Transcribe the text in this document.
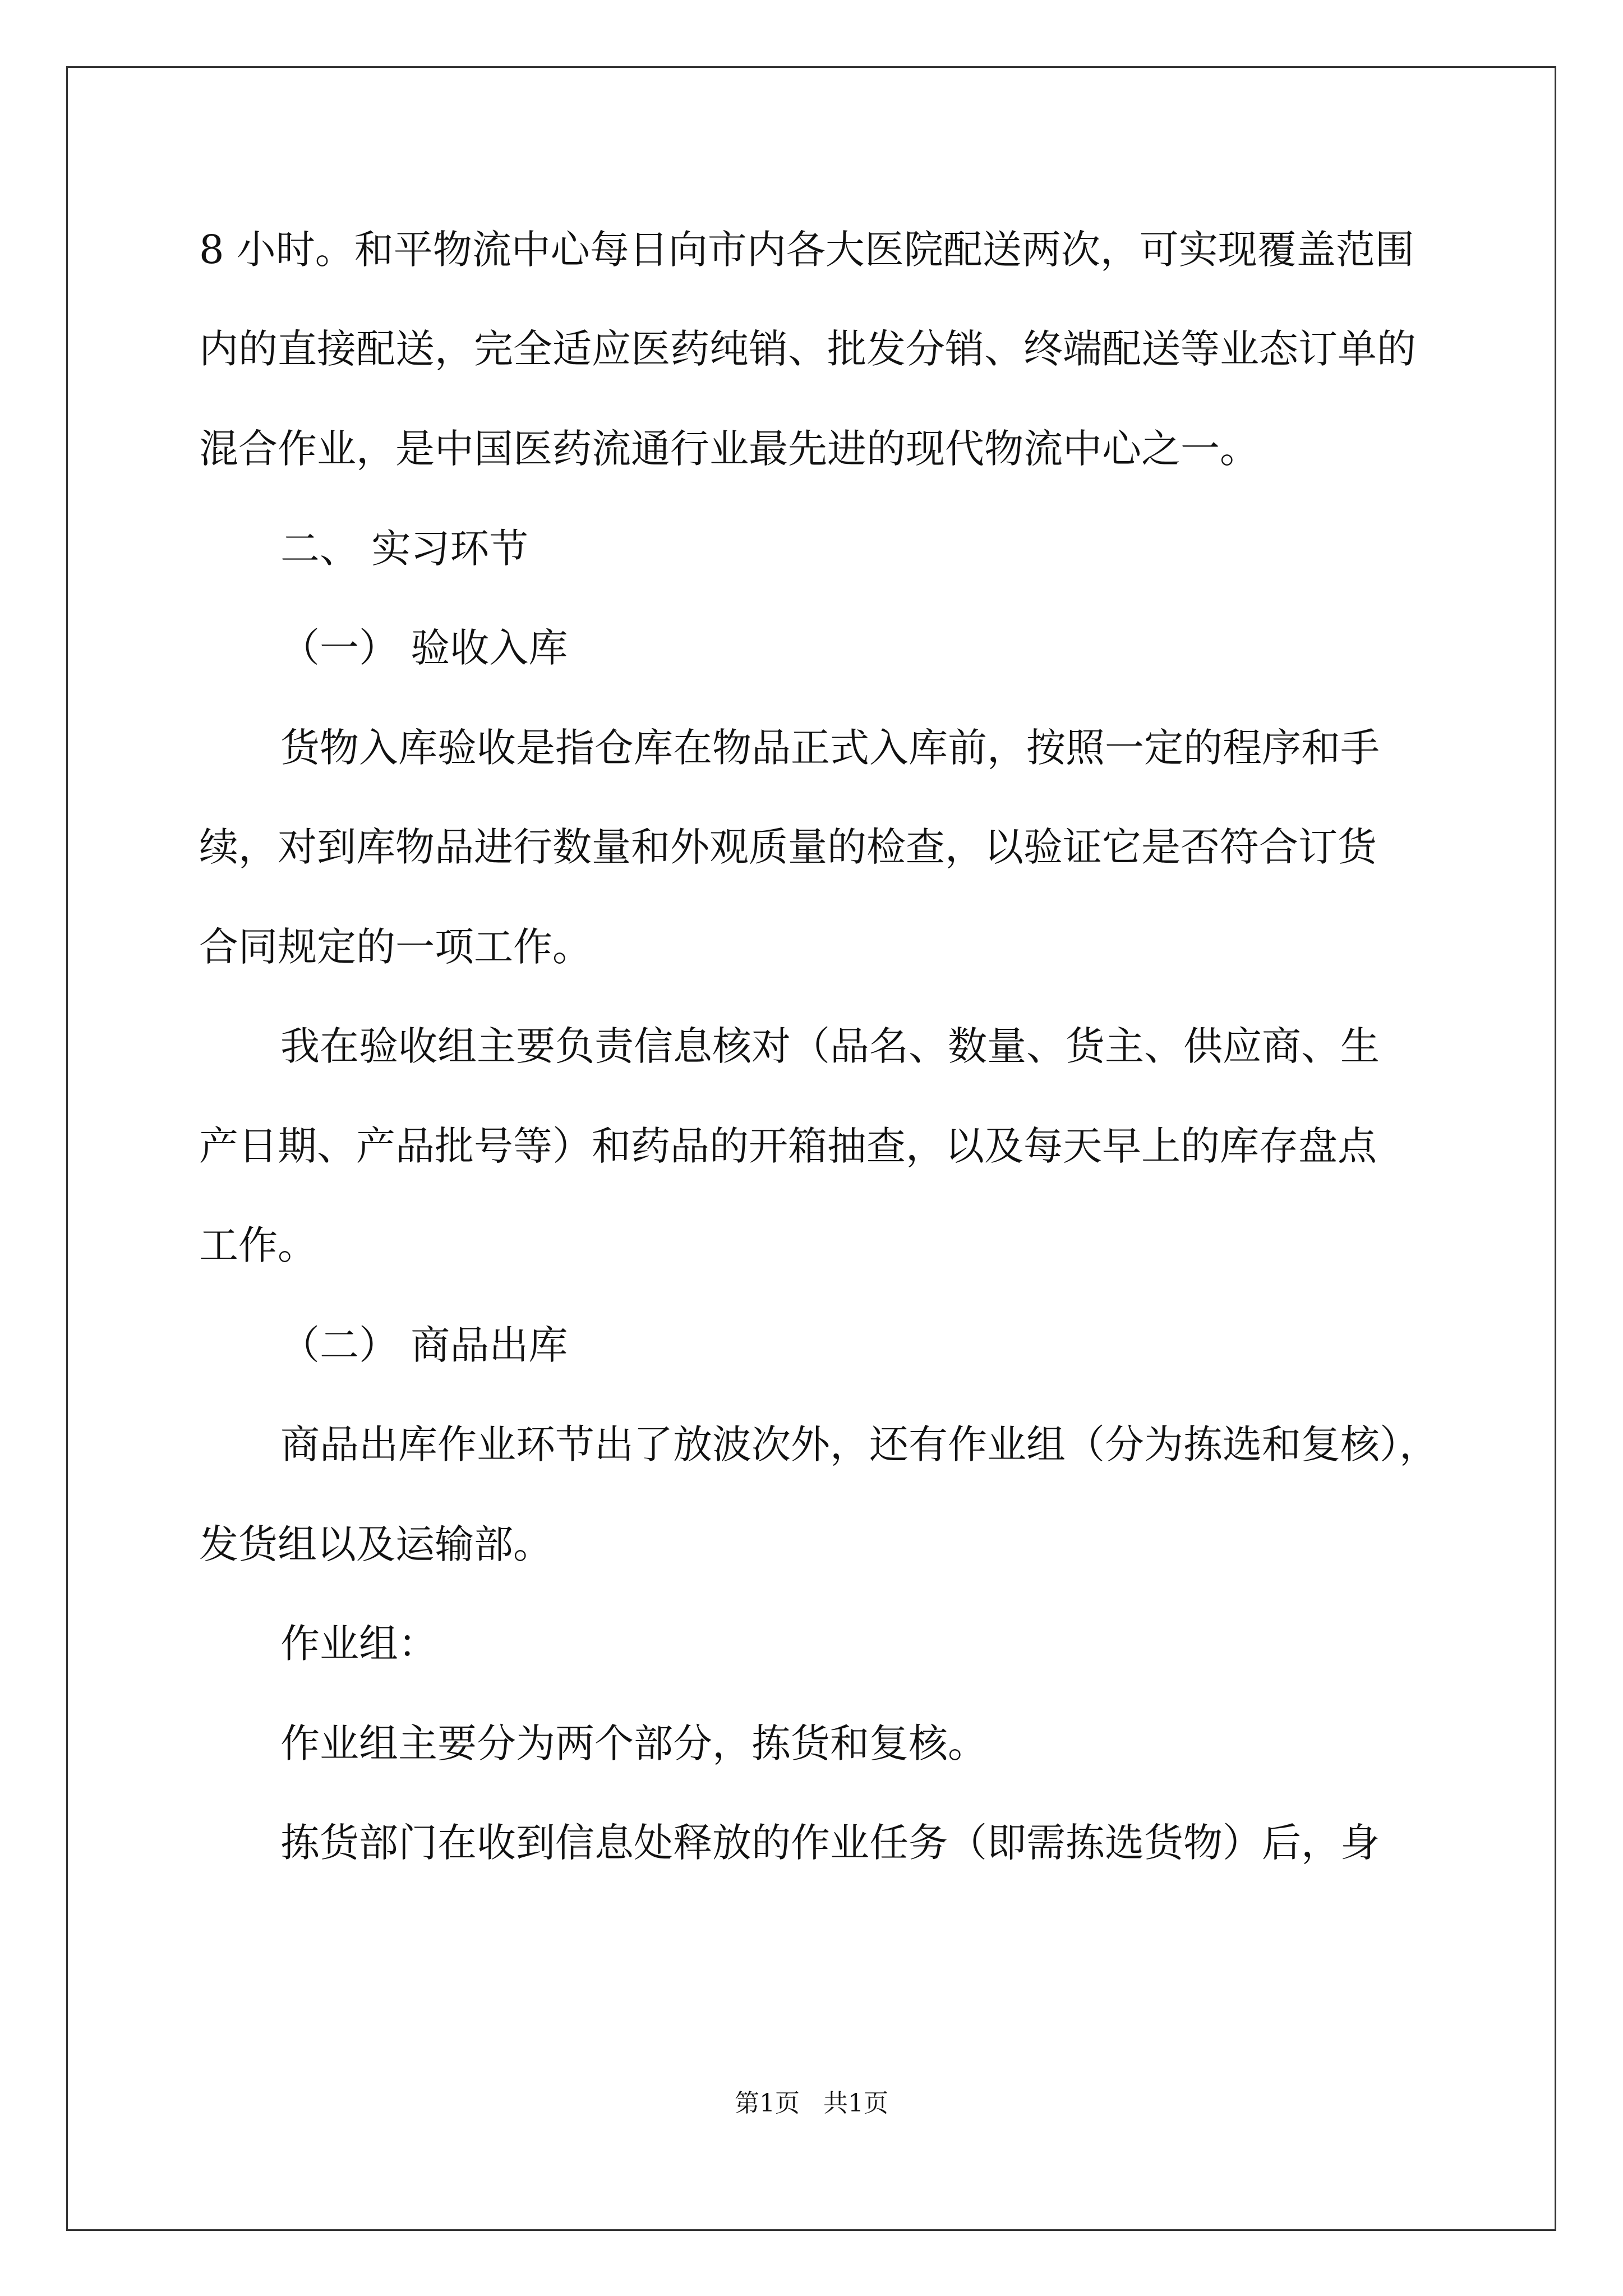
8 小时。和平物流中心每日向市内各大医院配送两次，可实现覆盖范围
内的直接配送，完全适应医药纯销、批发分销、终端配送等业态订单的
混合作业，是中国医药流通行业最先进的现代物流中心之一。
二、 实习环节
（一） 验收入库
货物入库验收是指仓库在物品正式入库前，按照一定的程序和手
续，对到库物品进行数量和外观质量的检查，以验证它是否符合订货
合同规定的一项工作。
我在验收组主要负责信息核对（品名、数量、货主、供应商、生
产日期、产品批号等）和药品的开箱抽查，以及每天早上的库存盘点
工作。
（二） 商品出库
商品出库作业环节出了放波次外，还有作业组（分为拣选和复核），
发货组以及运输部。
作业组：
作业组主要分为两个部分，拣货和复核。
拣货部门在收到信息处释放的作业任务（即需拣选货物）后，身
第1页   共1页
